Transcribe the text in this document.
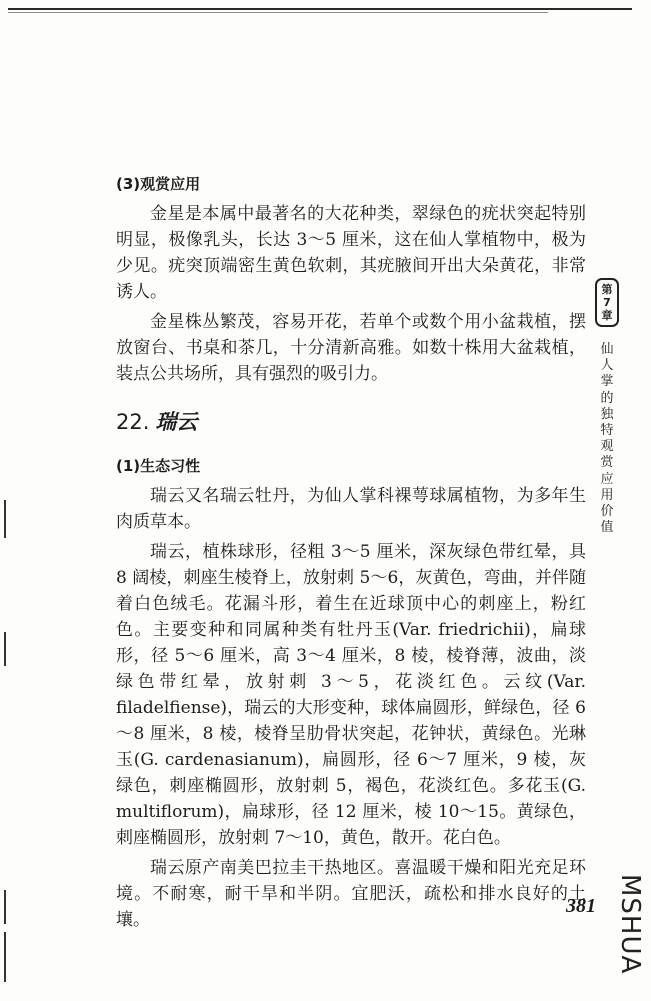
(3)观赏应用

金星是本属中最著名的大花种类，翠绿色的疣状突起特别明显，极像乳头，长达 3～5 厘米，这在仙人掌植物中，极为少见。疣突顶端密生黄色软刺，其疣腋间开出大朵黄花，非常诱人。

金星株丛繁茂，容易开花，若单个或数个用小盆栽植，摆放窗台、书桌和茶几，十分清新高雅。如数十株用大盆栽植，装点公共场所，具有强烈的吸引力。

22. 瑞云
(1)生态习性

瑞云又名瑞云牡丹，为仙人掌科裸萼球属植物，为多年生肉质草本。

瑞云，植株球形，径粗 3～5 厘米，深灰绿色带红晕，具 8 阔棱，刺座生棱脊上，放射刺 5～6，灰黄色，弯曲，并伴随着白色绒毛。花漏斗形，着生在近球顶中心的刺座上，粉红色。主要变种和同属种类有牡丹玉(Var. friedrichii)，扁球形，径 5～6 厘米，高 3～4 厘米，8 棱，棱脊薄，波曲，淡绿色带红晕，放射刺 3～5，花淡红色。云纹(Var. filadelfiense)，瑞云的大形变种，球体扁圆形，鲜绿色，径 6～8 厘米，8 棱，棱脊呈肋骨状突起，花钟状，黄绿色。光琳玉(G. cardenasianum)，扁圆形，径 6～7 厘米，9 棱，灰绿色，刺座椭圆形，放射刺 5，褐色，花淡红色。多花玉(G. multiflorum)，扁球形，径 12 厘米，棱 10～15。黄绿色，刺座椭圆形，放射刺 7～10，黄色，散开。花白色。

瑞云原产南美巴拉圭干热地区。喜温暖干燥和阳光充足环境。不耐寒，耐干旱和半阴。宜肥沃，疏松和排水良好的土壤。

第
7
章
仙人掌的独特观赏应用价值
381 MSHUA
